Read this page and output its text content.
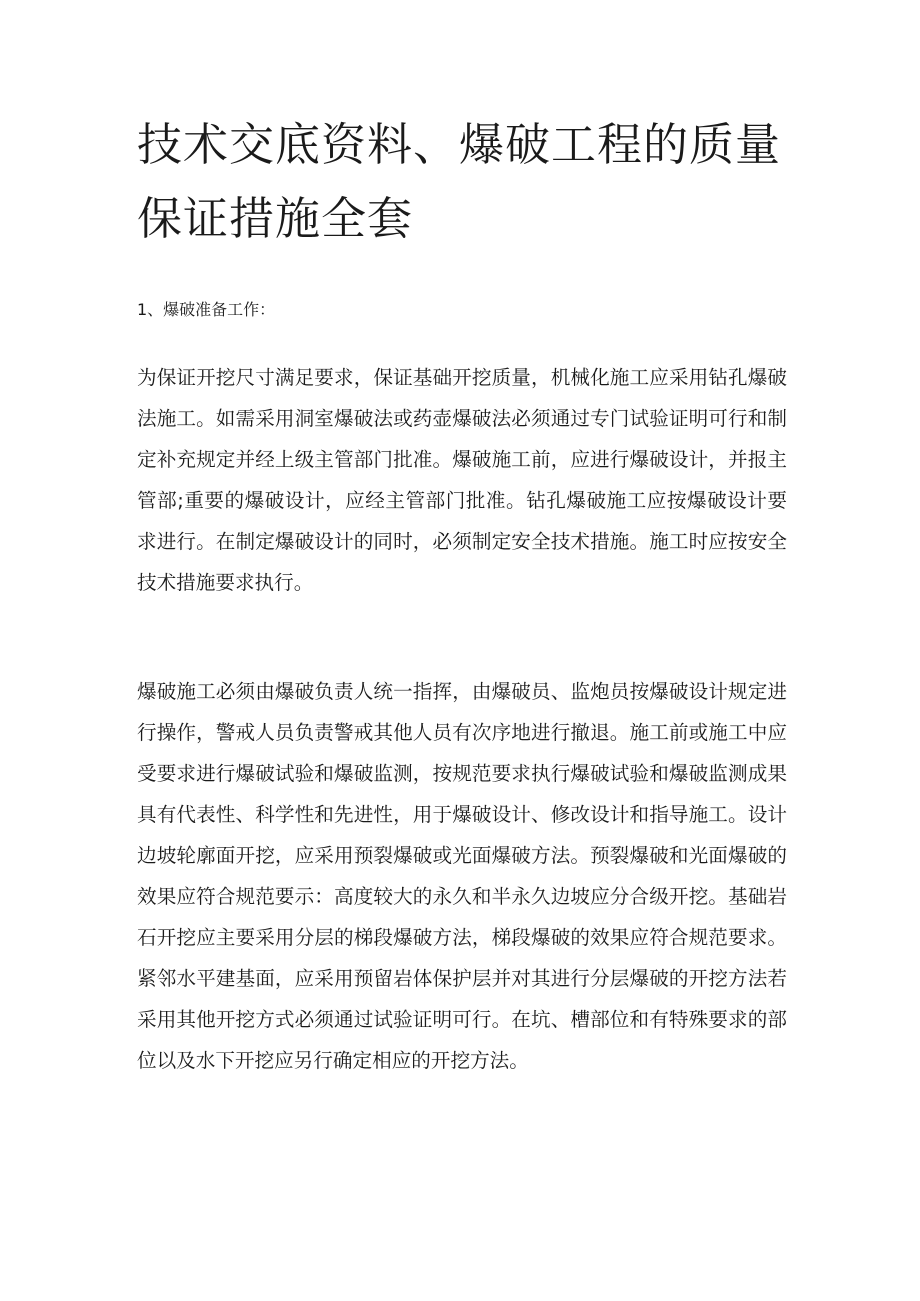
技术交底资料、爆破工程的质量保证措施全套

1、爆破准备工作：

为保证开挖尺寸满足要求，保证基础开挖质量，机械化施工应采用钻孔爆破法施工。如需采用洞室爆破法或药壶爆破法必须通过专门试验证明可行和制定补充规定并经上级主管部门批准。爆破施工前，应进行爆破设计，并报主管部;重要的爆破设计，应经主管部门批准。钻孔爆破施工应按爆破设计要求进行。在制定爆破设计的同时，必须制定安全技术措施。施工时应按安全技术措施要求执行。

爆破施工必须由爆破负责人统一指挥，由爆破员、监炮员按爆破设计规定进行操作，警戒人员负责警戒其他人员有次序地进行撤退。施工前或施工中应受要求进行爆破试验和爆破监测，按规范要求执行爆破试验和爆破监测成果具有代表性、科学性和先进性，用于爆破设计、修改设计和指导施工。设计边坡轮廓面开挖，应采用预裂爆破或光面爆破方法。预裂爆破和光面爆破的效果应符合规范要示：高度较大的永久和半永久边坡应分合级开挖。基础岩石开挖应主要采用分层的梯段爆破方法，梯段爆破的效果应符合规范要求。紧邻水平建基面，应采用预留岩体保护层并对其进行分层爆破的开挖方法若采用其他开挖方式必须通过试验证明可行。在坑、槽部位和有特殊要求的部位以及水下开挖应另行确定相应的开挖方法。
